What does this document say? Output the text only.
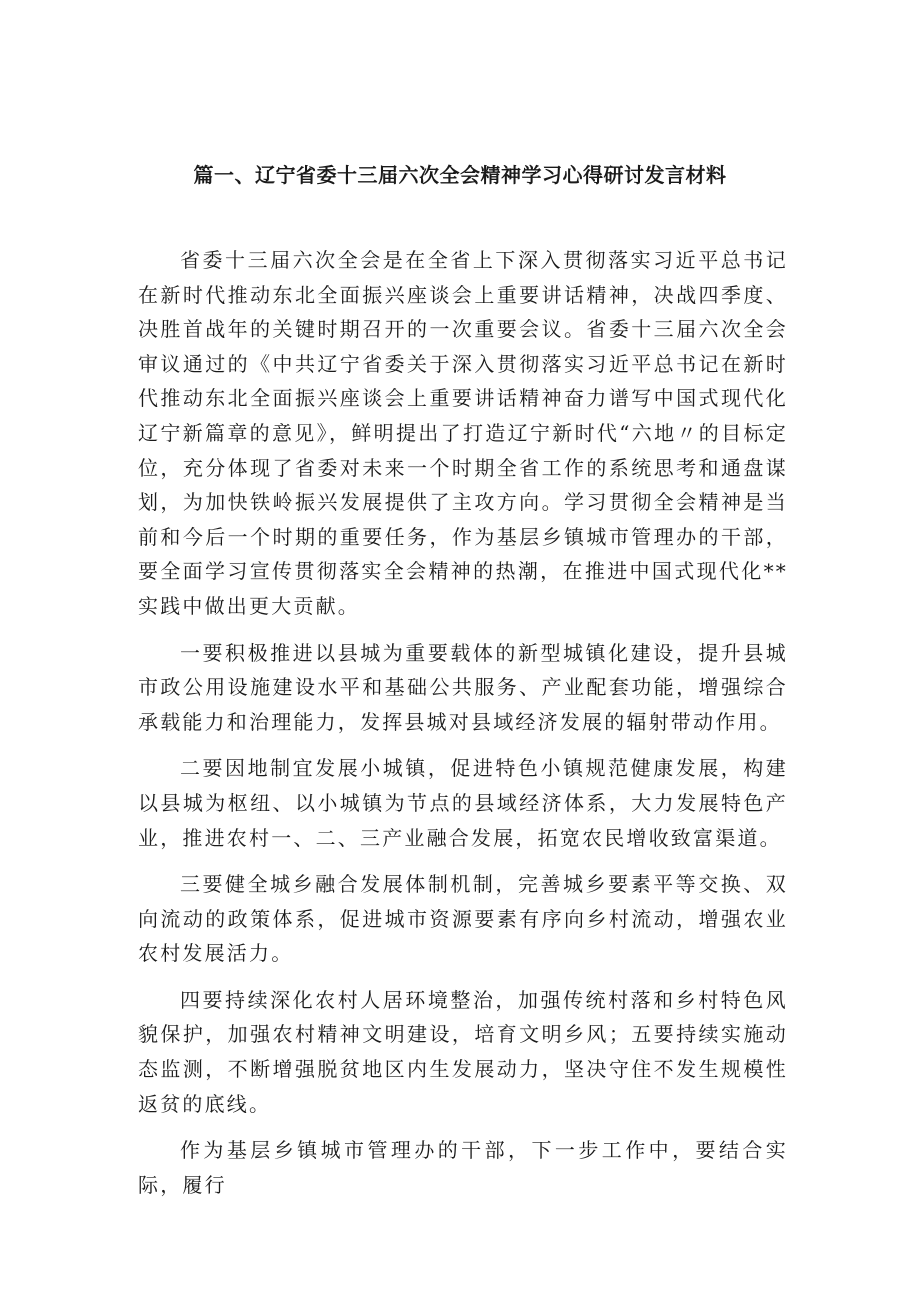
篇一、辽宁省委十三届六次全会精神学习心得研讨发言材料

省委十三届六次全会是在全省上下深入贯彻落实习近平总书记在新时代推动东北全面振兴座谈会上重要讲话精神，决战四季度、决胜首战年的关键时期召开的一次重要会议。省委十三届六次全会审议通过的《中共辽宁省委关于深入贯彻落实习近平总书记在新时代推动东北全面振兴座谈会上重要讲话精神奋力谱写中国式现代化辽宁新篇章的意见》，鲜明提出了打造辽宁新时代“六地〃的目标定位，充分体现了省委对未来一个时期全省工作的系统思考和通盘谋划，为加快铁岭振兴发展提供了主攻方向。学习贯彻全会精神是当前和今后一个时期的重要任务，作为基层乡镇城市管理办的干部，要全面学习宣传贯彻落实全会精神的热潮，在推进中国式现代化**实践中做出更大贡献。

一要积极推进以县城为重要载体的新型城镇化建设，提升县城市政公用设施建设水平和基础公共服务、产业配套功能，增强综合承载能力和治理能力，发挥县城对县域经济发展的辐射带动作用。

二要因地制宜发展小城镇，促进特色小镇规范健康发展，构建以县城为枢纽、以小城镇为节点的县域经济体系，大力发展特色产业，推进农村一、二、三产业融合发展，拓宽农民增收致富渠道。

三要健全城乡融合发展体制机制，完善城乡要素平等交换、双向流动的政策体系，促进城市资源要素有序向乡村流动，增强农业农村发展活力。

四要持续深化农村人居环境整治，加强传统村落和乡村特色风貌保护，加强农村精神文明建设，培育文明乡风；五要持续实施动态监测，不断增强脱贫地区内生发展动力，坚决守住不发生规模性返贫的底线。

作为基层乡镇城市管理办的干部，下一步工作中，要结合实际，履行
